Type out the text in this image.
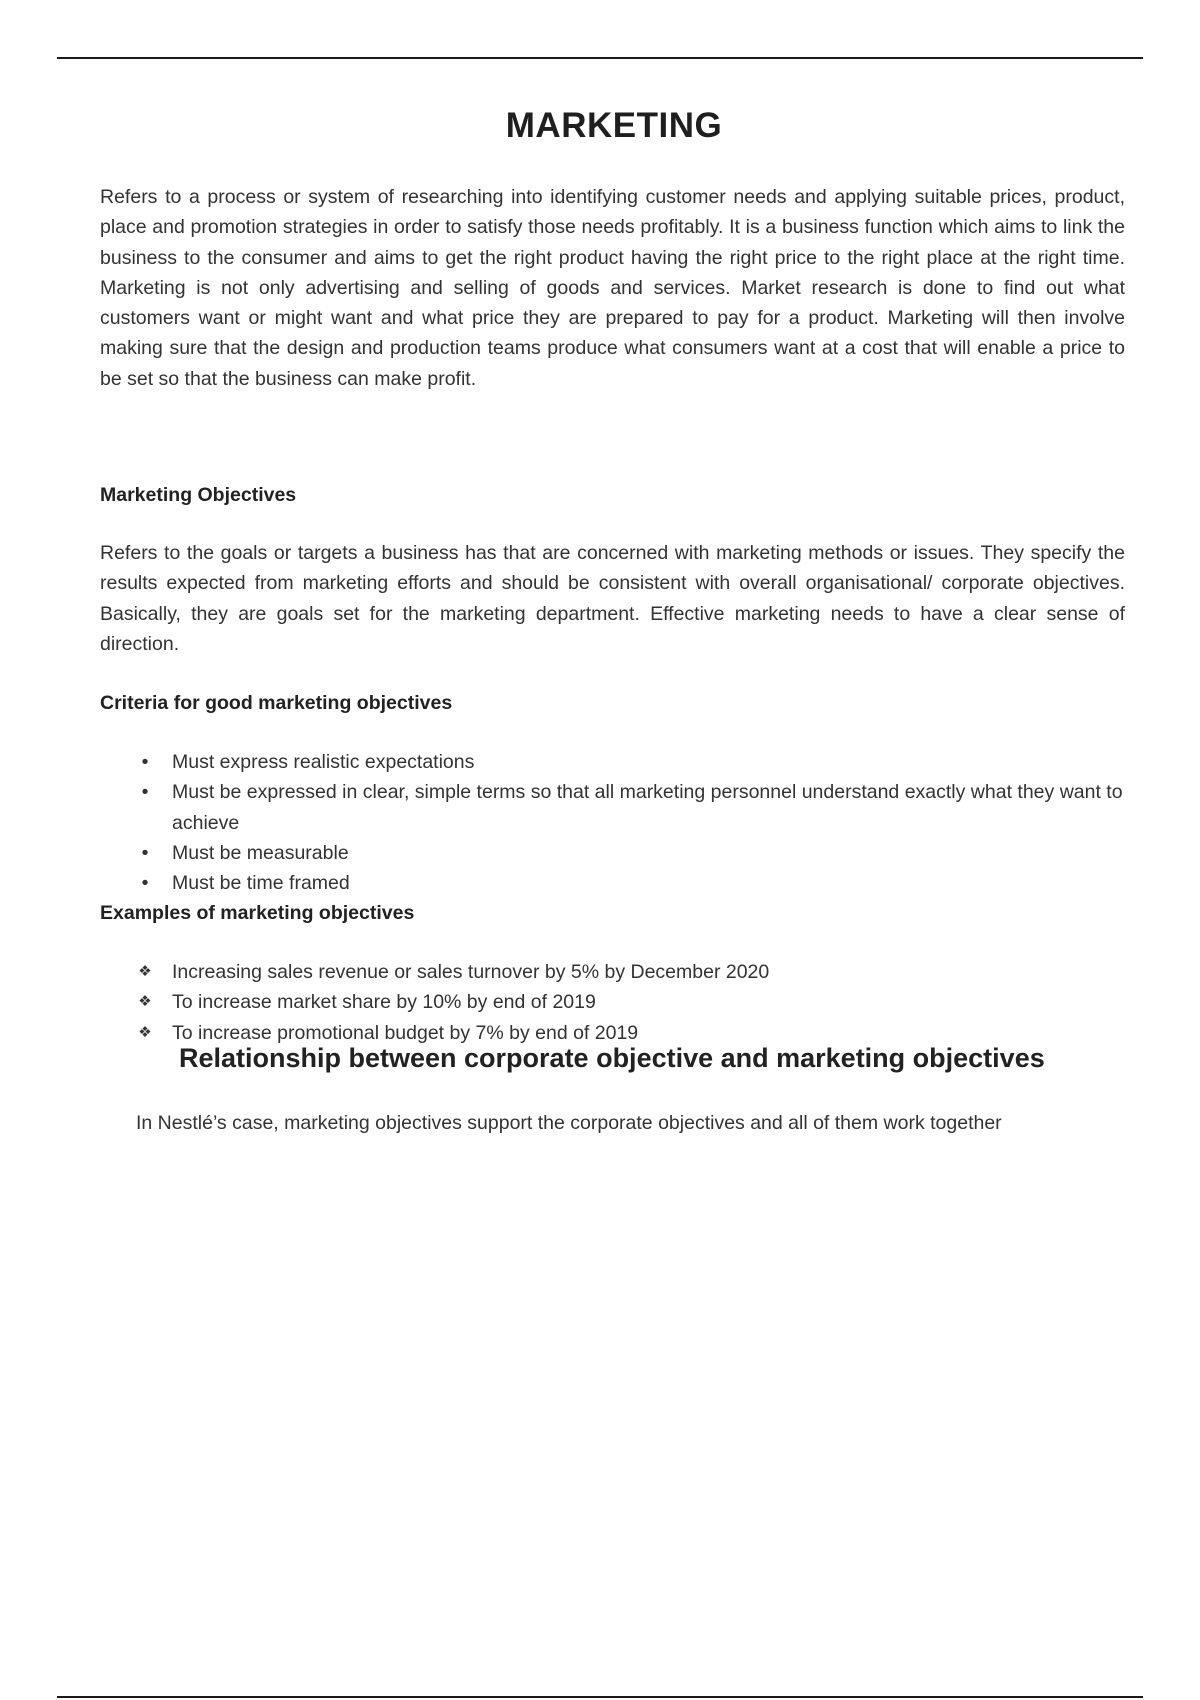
MARKETING

Refers to a process or system of researching into identifying customer needs and applying suitable prices, product, place and promotion strategies in order to satisfy those needs profitably. It is a business function which aims to link the business to the consumer and aims to get the right product having the right price to the right place at the right time. Marketing is not only advertising and selling of goods and services. Market research is done to find out what customers want or might want and what price they are prepared to pay for a product. Marketing will then involve making sure that the design and production teams produce what consumers want at a cost that will enable a price to be set so that the business can make profit.

Marketing Objectives

Refers to the goals or targets a business has that are concerned with marketing methods or issues. They specify the results expected from marketing efforts and should be consistent with overall organisational/ corporate objectives. Basically, they are goals set for the marketing department. Effective marketing needs to have a clear sense of direction.

Criteria for good marketing objectives
•	Must express realistic expectations
•	Must be expressed in clear, simple terms so that all marketing personnel understand exactly what they want to achieve
•	Must be measurable
•	Must be time framed
Examples of marketing objectives
❖ Increasing sales revenue or sales turnover by 5% by December 2020
❖ To increase market share by 10% by end of 2019
❖ To increase promotional budget by 7% by end of 2019
Relationship between corporate objective and marketing objectives

In Nestlé’s case, marketing objectives support the corporate objectives and all of them work together
